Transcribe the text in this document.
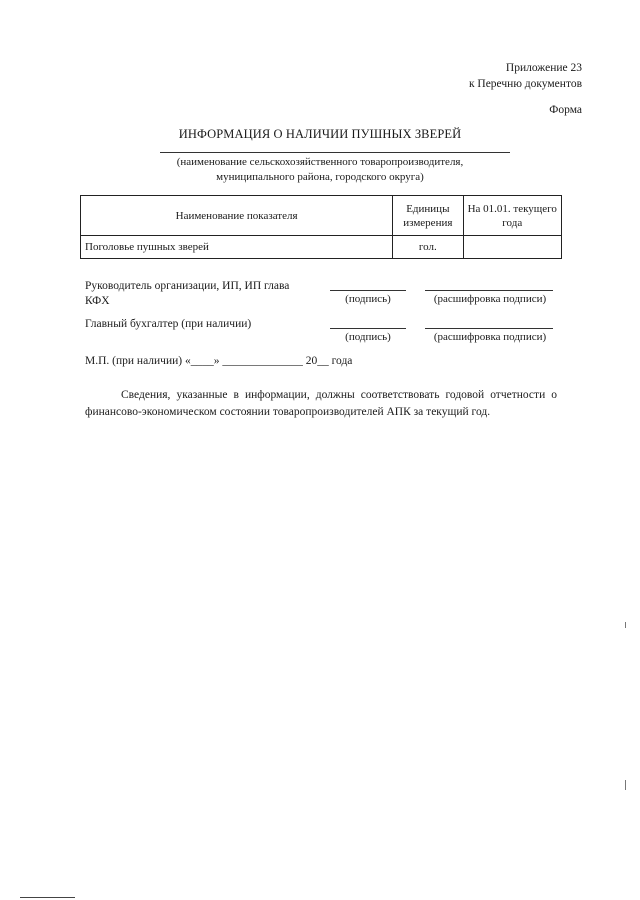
Приложение 23
к Перечню документов
Форма
ИНФОРМАЦИЯ О НАЛИЧИИ ПУШНЫХ ЗВЕРЕЙ
(наименование сельскохозяйственного товаропроизводителя,
муниципального района, городского округа)
Наименование показателя	Единицы измерения	На 01.01. текущего года
Поголовье пушных зверей	гол.	
Руководитель организации, ИП, ИП глава
КФХ	(подпись)	(расшифровка подписи)
Главный бухгалтер (при наличии)
(подпись)	(расшифровка подписи)
М.П. (при наличии) «____» ______________ 20__ года
Сведения, указанные в информации, должны соответствовать годовой отчетности о финансово-экономическом состоянии товаропроизводителей АПК за текущий год.
